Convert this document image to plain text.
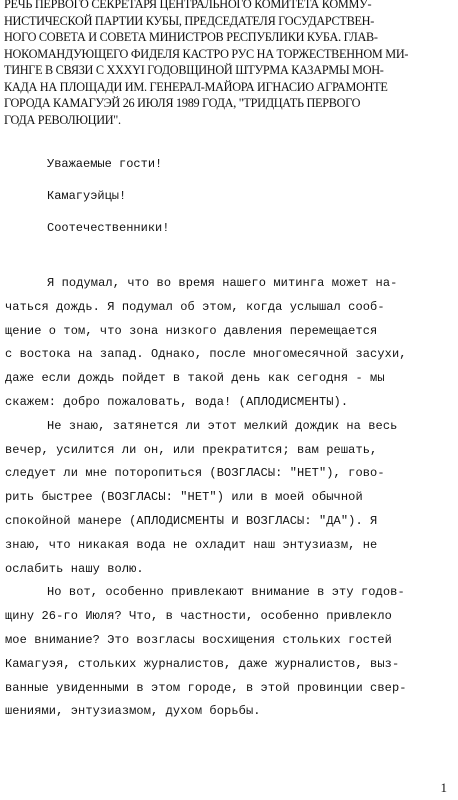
РЕЧЬ ПЕРВОГО СЕКРЕТАРЯ ЦЕНТРАЛЬНОГО КОМИТЕТА КОММУ-
НИСТИЧЕСКОЙ ПАРТИИ КУБЫ, ПРЕДСЕДАТЕЛЯ ГОСУДАРСТВЕН-
НОГО СОВЕТА И СОВЕТА МИНИСТРОВ РЕСПУБЛИКИ КУБА. ГЛАВ-
НОКОМАНДУЮЩЕГО ФИДЕЛЯ КАСТРО РУС НА ТОРЖЕСТВЕННОМ МИ-
ТИНГЕ В СВЯЗИ С XXXYI ГОДОВЩИНОЙ ШТУРМА КАЗАРМЫ МОН-
КАДА НА ПЛОЩАДИ ИМ. ГЕНЕРАЛ-МАЙОРА ИГНАСИО АГРАМОНТЕ
ГОРОДА КАМАГУЭЙ 26 ИЮЛЯ 1989 ГОДА, "ТРИДЦАТЬ ПЕРВОГО
ГОДА РЕВОЛЮЦИИ".
Уважаемые гости!
Камагуэйцы!
Соотечественники!
Я подумал, что во время нашего митинга может на-
чаться дождь. Я подумал об этом, когда услышал сооб-
щение о том, что зона низкого давления перемещается
с востока на запад. Однако, после многомесячной засухи,
даже если дождь пойдет в такой день как сегодня - мы
скажем: добро пожаловать, вода! (АПЛОДИСМЕНТЫ).
Не знаю, затянется ли этот мелкий дождик на весь
вечер, усилится ли он, или прекратится; вам решать,
следует ли мне поторопиться (ВОЗГЛАСЫ: "НЕТ"), гово-
рить быстрее (ВОЗГЛАСЫ: "НЕТ") или в моей обычной
спокойной манере (АПЛОДИСМЕНТЫ И ВОЗГЛАСЫ: "ДА"). Я
знаю, что никакая вода не охладит наш энтузиазм, не
ослабить нашу волю.
Но вот, особенно привлекают внимание в эту годов-
щину 26-го Июля? Что, в частности, особенно привлекло
мое внимание? Это возгласы восхищения стольких гостей
Камагуэя, стольких журналистов, даже журналистов, выз-
ванные увиденными в этом городе, в этой провинции свер-
шениями, энтузиазмом, духом борьбы.
1
